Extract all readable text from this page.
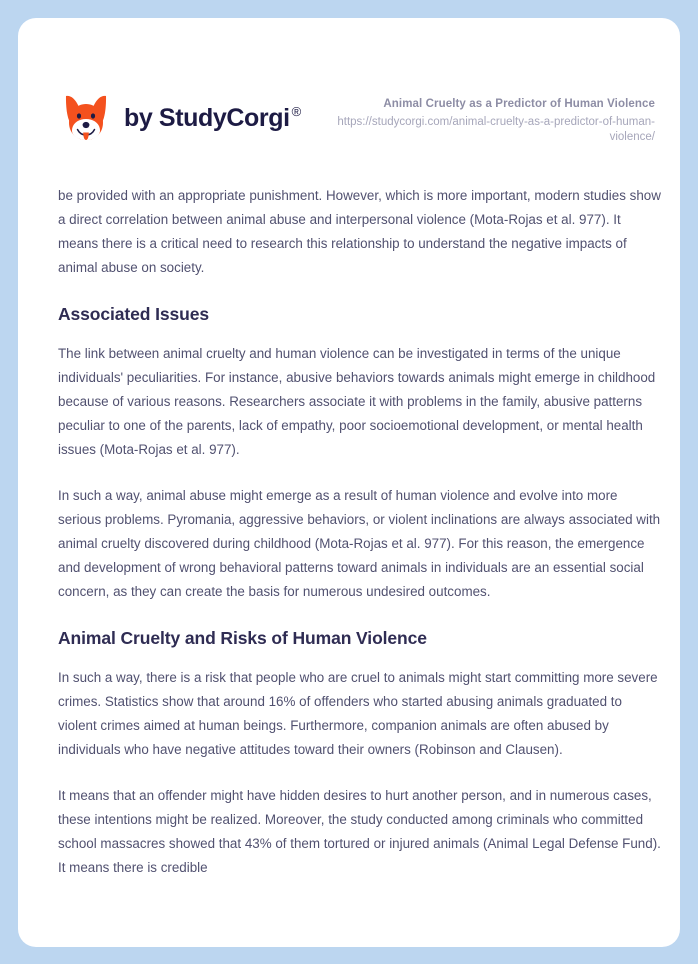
by StudyCorgi ®
Animal Cruelty as a Predictor of Human Violence
https://studycorgi.com/animal-cruelty-as-a-predictor-of-human-violence/

be provided with an appropriate punishment. However, which is more important, modern studies show a direct correlation between animal abuse and interpersonal violence (Mota-Rojas et al. 977). It means there is a critical need to research this relationship to understand the negative impacts of animal abuse on society.

Associated Issues

The link between animal cruelty and human violence can be investigated in terms of the unique individuals' peculiarities. For instance, abusive behaviors towards animals might emerge in childhood because of various reasons. Researchers associate it with problems in the family, abusive patterns peculiar to one of the parents, lack of empathy, poor socioemotional development, or mental health issues (Mota-Rojas et al. 977).

In such a way, animal abuse might emerge as a result of human violence and evolve into more serious problems. Pyromania, aggressive behaviors, or violent inclinations are always associated with animal cruelty discovered during childhood (Mota-Rojas et al. 977). For this reason, the emergence and development of wrong behavioral patterns toward animals in individuals are an essential social concern, as they can create the basis for numerous undesired outcomes.

Animal Cruelty and Risks of Human Violence

In such a way, there is a risk that people who are cruel to animals might start committing more severe crimes. Statistics show that around 16% of offenders who started abusing animals graduated to violent crimes aimed at human beings. Furthermore, companion animals are often abused by individuals who have negative attitudes toward their owners (Robinson and Clausen).

It means that an offender might have hidden desires to hurt another person, and in numerous cases, these intentions might be realized. Moreover, the study conducted among criminals who committed school massacres showed that 43% of them tortured or injured animals (Animal Legal Defense Fund). It means there is credible
